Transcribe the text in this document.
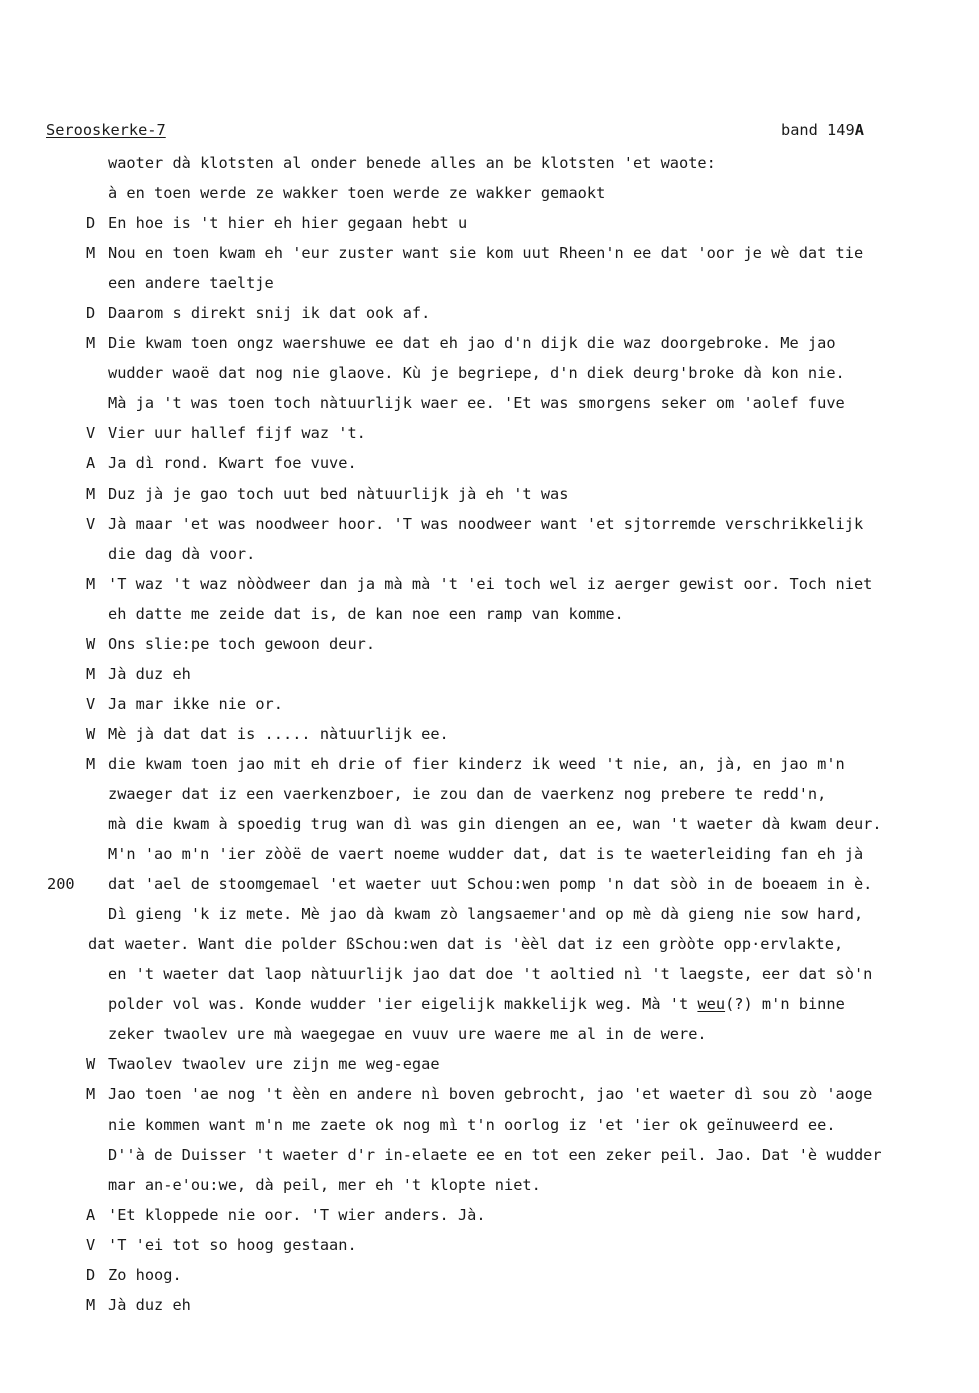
Serooskerke-7	band 149A
waoter dà klotsten al onder benede alles an be klotsten 'et waote:
à en toen werde ze wakker toen werde ze wakker gemaokt
D En hoe is 't hier eh hier gegaan hebt u
M Nou en toen kwam eh 'eur zuster want sie kom uut Rheen'n ee dat 'oor je wè dat tie
een andere taeltje
D Daarom s direkt snij ik dat ook af.
M Die kwam toen ongz waershuwe ee dat eh jao d'n dijk die waz doorgebroke. Me jao
wudder waoë dat nog nie glaove. Kù je begriepe, d'n diek deurg'broke dà kon nie.
Mà ja 't was toen toch nàtuurlijk waer ee. 'Et was smorgens seker om 'aolef fuve
V Vier uur hallef fijf waz 't.
A Ja dì rond. Kwart foe vuve.
M Duz jà je gao toch uut bed nàtuurlijk jà eh 't was
V Jà maar 'et was noodweer hoor. 'T was noodweer want 'et sjtorremde verschrikkelijk
die dag dà voor.
M 'T waz 't waz nòòdweer dan ja mà mà 't 'ei toch wel iz aerger gewist oor. Toch niet
eh datte me zeide dat is, de kan noe een ramp van komme.
W Ons slie:pe toch gewoon deur.
M Jà duz eh
V Ja mar ikke nie or.
W Mè jà dat dat is ..... nàtuurlijk ee.
M die kwam toen jao mit eh drie of fier kinderz ik weed 't nie, an, jà, en jao m'n
zwaeger dat iz een vaerkenzboer, ie zou dan de vaerkenz nog prebere te redd'n,
mà die kwam à spoedig trug wan dì was gin diengen an ee, wan 't waeter dà kwam deur.
M'n 'ao m'n 'ier zòòë de vaert noeme wudder dat, dat is te waeterleiding fan eh jà
200 dat 'ael de stoomgemael 'et waeter uut Schou:wen pomp 'n dat sòò in de boeaem in è.
Dì gieng 'k iz mete. Mè jao dà kwam zò langsaemer'and op mè dà gieng nie sow hard,
dat waeter. Want die polder ßSchou:wen dat is 'èèl dat iz een gròòte opp·ervlakte,
en 't waeter dat laop nàtuurlijk jao dat doe 't aoltied nì 't laegste, eer dat sò'n
polder vol was. Konde wudder 'ier eigelijk makkelijk weg. Mà 't weu(?) m'n binne
zeker twaolev ure mà waegegae en vuuv ure waere me al in de were.
W Twaolev twaolev ure zijn me weg-egae
M Jao toen 'ae nog 't èèn en andere nì boven gebrocht, jao 'et waeter dì sou zò 'aoge
nie kommen want m'n me zaete ok nog mì t'n oorlog iz 'et 'ier ok geïnuweerd ee.
D''à de Duisser 't waeter d'r in-elaete ee en tot een zeker peil. Jao. Dat 'è wudder
mar an-e'ou:we, dà peil, mer eh 't klopte niet.
A 'Et kloppede nie oor. 'T wier anders. Jà.
V 'T 'ei tot so hoog gestaan.
D Zo hoog.
M Jà duz eh
